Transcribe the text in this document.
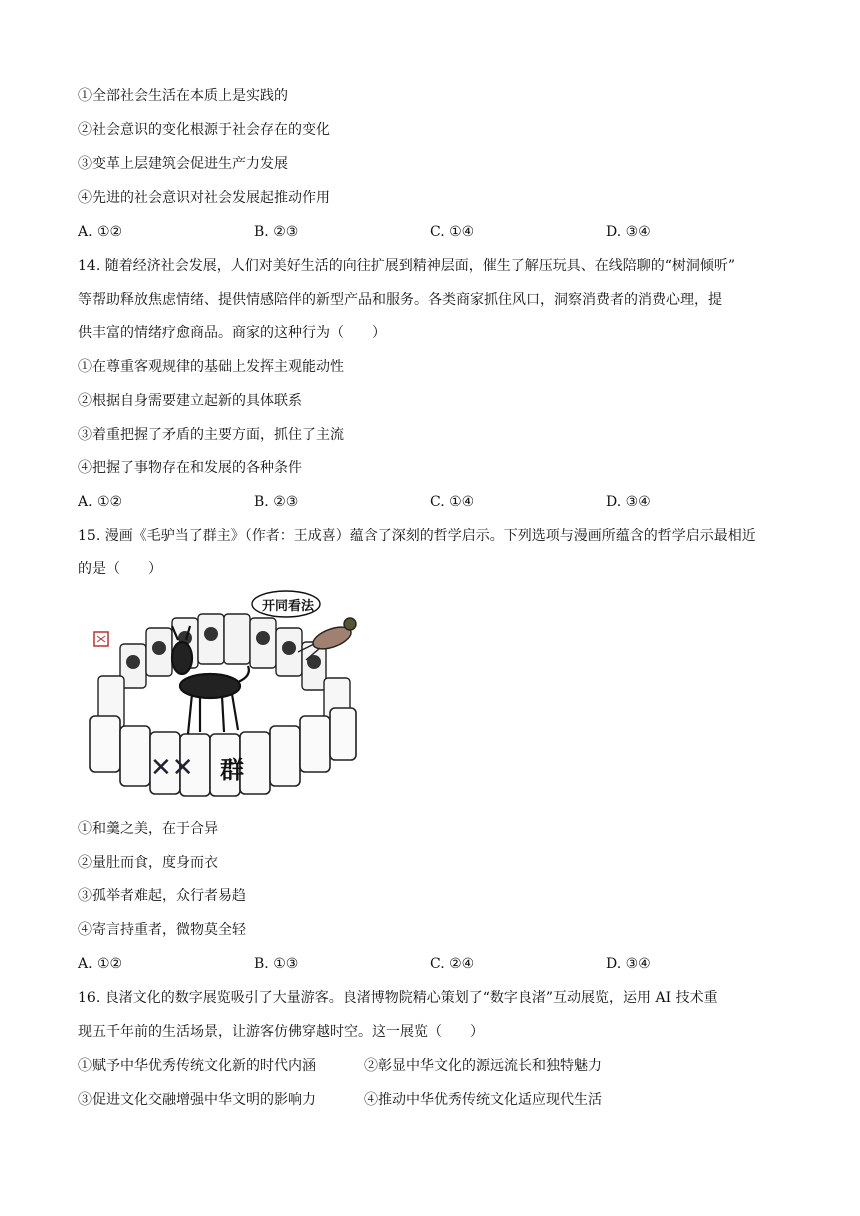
①全部社会生活在本质上是实践的
②社会意识的变化根源于社会存在的变化
③变革上层建筑会促进生产力发展
④先进的社会意识对社会发展起推动作用
A. ①②	B. ②③	C. ①④	D. ③④
14. 随着经济社会发展，人们对美好生活的向往扩展到精神层面，催生了解压玩具、在线陪聊的“树洞倾听”
等帮助释放焦虑情绪、提供情感陪伴的新型产品和服务。各类商家抓住风口，洞察消费者的消费心理，提
供丰富的情绪疗愈商品。商家的这种行为（　　）
①在尊重客观规律的基础上发挥主观能动性
②根据自身需要建立起新的具体联系
③着重把握了矛盾的主要方面，抓住了主流
④把握了事物存在和发展的各种条件
A. ①②	B. ②③	C. ①④	D. ③④
15. 漫画《毛驴当了群主》（作者：王成喜）蕴含了深刻的哲学启示。下列选项与漫画所蕴含的哲学启示最相近
的是（　　）
✕✕ 群
开同看法
①和羹之美，在于合异
②量肚而食，度身而衣
③孤举者难起，众行者易趋
④寄言持重者，微物莫全轻
A. ①②	B. ①③	C. ②④	D. ③④
16. 良渚文化的数字展览吸引了大量游客。良渚博物院精心策划了“数字良渚”互动展览，运用 AI 技术重
现五千年前的生活场景，让游客仿佛穿越时空。这一展览（　　）
①赋予中华优秀传统文化新的时代内涵	②彰显中华文化的源远流长和独特魅力
③促进文化交融增强中华文明的影响力	④推动中华优秀传统文化适应现代生活
